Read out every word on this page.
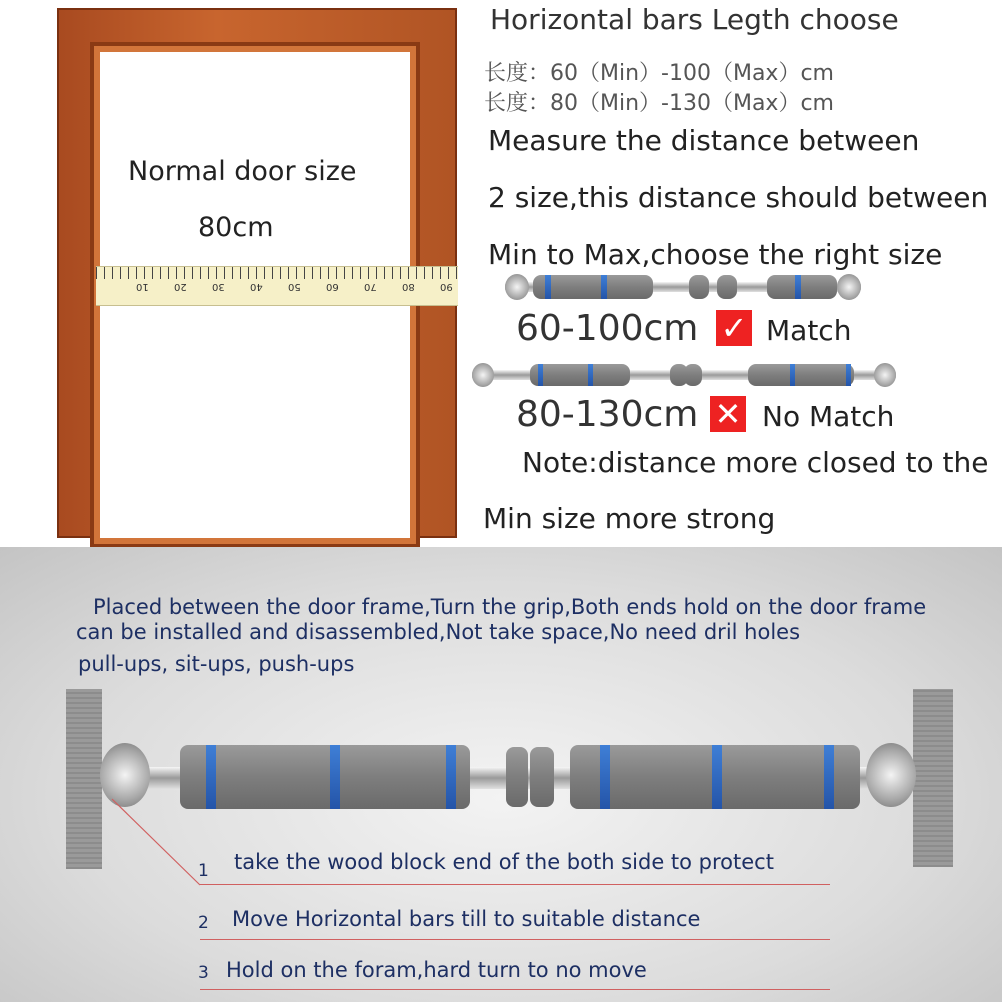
Normal door size
80cm
10	20	30	40	50	60	70	80	90
Horizontal bars Legth choose
长度：60（Min）-100（Max）cm
长度：80（Min）-130（Max）cm
Measure the distance between
2 size,this distance should between
Min to Max,choose the right size
60-100cm ✓ Match
80-130cm ✕ No Match
Note:distance more closed to the
Min size more strong
Placed between the door frame,Turn the grip,Both ends hold on the door frame
can be installed and disassembled,Not take space,No need dril holes
pull-ups, sit-ups, push-ups
1 take the wood block end of the both side to protect
2 Move Horizontal bars till to suitable distance
3 Hold on the foram,hard turn to no move
